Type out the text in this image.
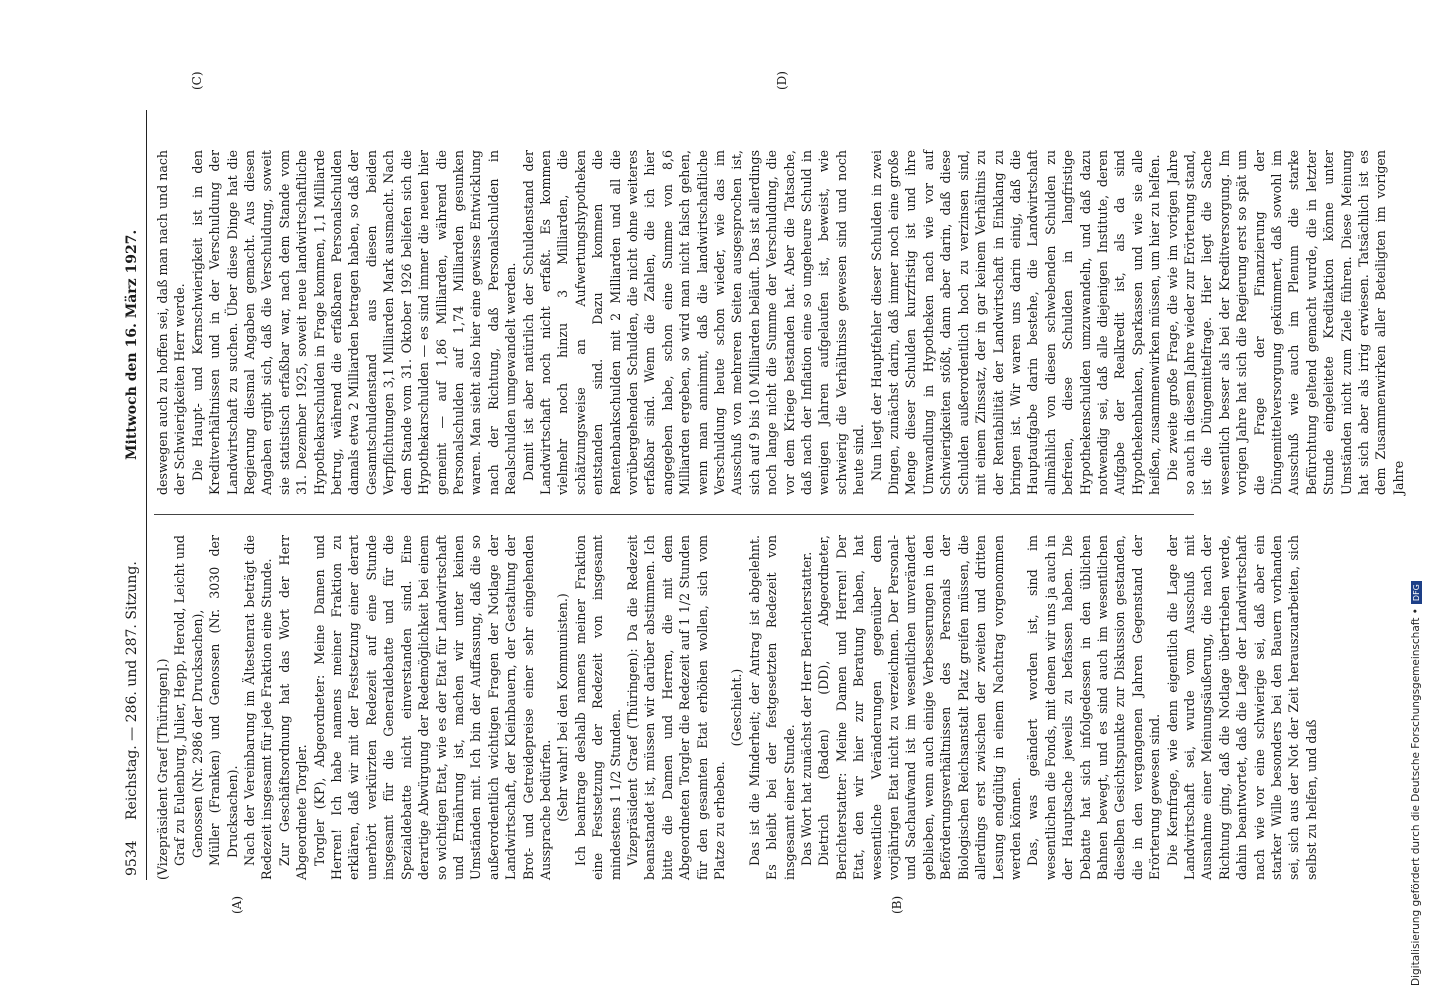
9534
Reichstag. — 286. und 287. Sitzung.
Mittwoch den 16. März 1927.
(A)	(B)
(C)	(D)

(Vizepräsident Graef [Thüringen].) Graf zu Eulenburg, Julier, Hepp, Herold, Leicht und Genossen (Nr. 2986 der Drucksachen), Müller (Franken) und Genossen (Nr. 3030 der Drucksachen). Nach der Vereinbarung im Ältestenrat beträgt die Redezeit insgesamt für jede Fraktion eine Stunde. Zur Geschäftsordnung hat das Wort der Herr Abgeordnete Torgler. Torgler (KP), Abgeordneter: Meine Damen und Herren! Ich habe namens meiner Fraktion zu erklären, daß wir mit der Festsetzung einer derart unerhört verkürzten Redezeit auf eine Stunde insgesamt für die Generaldebatte und für die Spezialdebatte nicht einverstanden sind. Eine derartige Abwürgung der Redemöglichkeit bei einem so wichtigen Etat, wie es der Etat für Landwirtschaft und Ernährung ist, machen wir unter keinen Umständen mit. Ich bin der Auffassung, daß die so außerordentlich wichtigen Fragen der Notlage der Landwirtschaft, der Kleinbauern, der Gestaltung der Brot- und Getreidepreise einer sehr eingehenden Aussprache bedürfen. (Sehr wahr! bei den Kommunisten.) Ich beantrage deshalb namens meiner Fraktion eine Festsetzung der Redezeit von insgesamt mindestens 1 1/2 Stunden. Vizepräsident Graef (Thüringen): Da die Redezeit beanstandet ist, müssen wir darüber abstimmen. Ich bitte die Damen und Herren, die mit dem Abgeordneten Torgler die Redezeit auf 1 1/2 Stunden für den gesamten Etat erhöhen wollen, sich vom Platze zu erheben.

(Geschieht.) Das ist die Minderheit; der Antrag ist abgelehnt. Es bleibt bei der festgesetzten Redezeit von insgesamt einer Stunde. Das Wort hat zunächst der Herr Berichterstatter. Dietrich (Baden) (DD), Abgeordneter, Berichterstatter: Meine Damen und Herren! Der Etat, den wir hier zur Beratung haben, hat wesentliche Veränderungen gegenüber dem vorjährigen Etat nicht zu verzeichnen. Der Personal- und Sachaufwand ist im wesentlichen unverändert geblieben, wenn auch einige Verbesserungen in den Beförderungsverhältnissen des Personals der Biologischen Reichsanstalt Platz greifen müssen, die allerdings erst zwischen der zweiten und dritten Lesung endgültig in einem Nachtrag vorgenommen werden können. Das, was geändert worden ist, sind im wesentlichen die Fonds, mit denen wir uns ja auch in der Hauptsache jeweils zu befassen haben. Die Debatte hat sich infolgedessen in den üblichen Bahnen bewegt, und es sind auch im wesentlichen dieselben Gesichtspunkte zur Diskussion gestanden, die in den vergangenen Jahren Gegenstand der Erörterung gewesen sind. Die Kernfrage, wie denn eigentlich die Lage der Landwirtschaft sei, wurde vom Ausschuß mit Ausnahme einer Meinungsäußerung, die nach der Richtung ging, daß die Notlage übertrieben werde, dahin beantwortet, daß die Lage der Landwirtschaft nach wie vor eine schwierige sei, daß aber ein starker Wille besonders bei den Bauern vorhanden sei, sich aus der Not der Zeit herauszuarbeiten, sich selbst zu helfen, und daß

deswegen auch zu hoffen sei, daß man nach und nach der Schwierigkeiten Herr werde. Die Haupt- und Kernschwierigkeit ist in den Kreditverhältnissen und in der Verschuldung der Landwirtschaft zu suchen. Über diese Dinge hat die Regierung diesmal Angaben gemacht. Aus diesen Angaben ergibt sich, daß die Verschuldung, soweit sie statistisch erfaßbar war, nach dem Stande vom 31. Dezember 1925, soweit neue landwirtschaftliche Hypothekarschulden in Frage kommen, 1,1 Milliarde betrug, während die erfaßbaren Personalschulden damals etwa 2 Milliarden betragen haben, so daß der Gesamtschuldenstand aus diesen beiden Verpflichtungen 3,1 Milliarden Mark ausmacht. Nach dem Stande vom 31. Oktober 1926 beliefen sich die Hypothekarschulden — es sind immer die neuen hier gemeint — auf 1,86 Milliarden, während die Personalschulden auf 1,74 Milliarden gesunken waren. Man sieht also hier eine gewisse Entwicklung nach der Richtung, daß Personalschulden in Realschulden umgewandelt werden. Damit ist aber natürlich der Schuldenstand der Landwirtschaft noch nicht erfaßt. Es kommen vielmehr noch hinzu 3 Milliarden, die schätzungsweise an Aufwertungshypotheken entstanden sind. Dazu kommen die Rentenbankschulden mit 2 Milliarden und all die vorübergehenden Schulden, die nicht ohne weiteres erfaßbar sind. Wenn die Zahlen, die ich hier angegeben habe, schon eine Summe von 8,6 Milliarden ergeben, so wird man nicht falsch gehen, wenn man annimmt, daß die landwirtschaftliche Verschuldung heute schon wieder, wie das im Ausschuß von mehreren Seiten ausgesprochen ist, sich auf 9 bis 10 Milliarden beläuft. Das ist allerdings noch lange nicht die Summe der Verschuldung, die vor dem Kriege bestanden hat. Aber die Tatsache, daß nach der Inflation eine so ungeheure Schuld in wenigen Jahren aufgelaufen ist, beweist, wie schwierig die Verhältnisse gewesen sind und noch heute sind. Nun liegt der Hauptfehler dieser Schulden in zwei Dingen, zunächst darin, daß immer noch eine große Menge dieser Schulden kurzfristig ist und ihre Umwandlung in Hypotheken nach wie vor auf Schwierigkeiten stößt, dann aber darin, daß diese Schulden außerordentlich hoch zu verzinsen sind, mit einem Zinssatz, der in gar keinem Verhältnis zu der Rentabilität der Landwirtschaft in Einklang zu bringen ist. Wir waren uns darin einig, daß die Hauptaufgabe darin bestehe, die Landwirtschaft allmählich von diesen schwebenden Schulden zu befreien, diese Schulden in langfristige Hypothekenschulden umzuwandeln, und daß dazu notwendig sei, daß alle diejenigen Institute, deren Aufgabe der Realkredit ist, als da sind Hypothekenbanken, Sparkassen und wie sie alle heißen, zusammenwirken müssen, um hier zu helfen. Die zweite große Frage, die wie im vorigen Jahre so auch in diesem Jahre wieder zur Erörterung stand, ist die Düngemittelfrage. Hier liegt die Sache wesentlich besser als bei der Kreditversorgung. Im vorigen Jahre hat sich die Regierung erst so spät um die Frage der Finanzierung der Düngemittelversorgung gekümmert, daß sowohl im Ausschuß wie auch im Plenum die starke Befürchtung geltend gemacht wurde, die in letzter Stunde eingeleitete Kreditaktion könne unter Umständen nicht zum Ziele führen. Diese Meinung hat sich aber als irrig erwiesen. Tatsächlich ist es dem Zusammenwirken aller Beteiligten im vorigen Jahre

Digitalisierung gefördert durch die Deutsche Forschungsgemeinschaft •DFG
